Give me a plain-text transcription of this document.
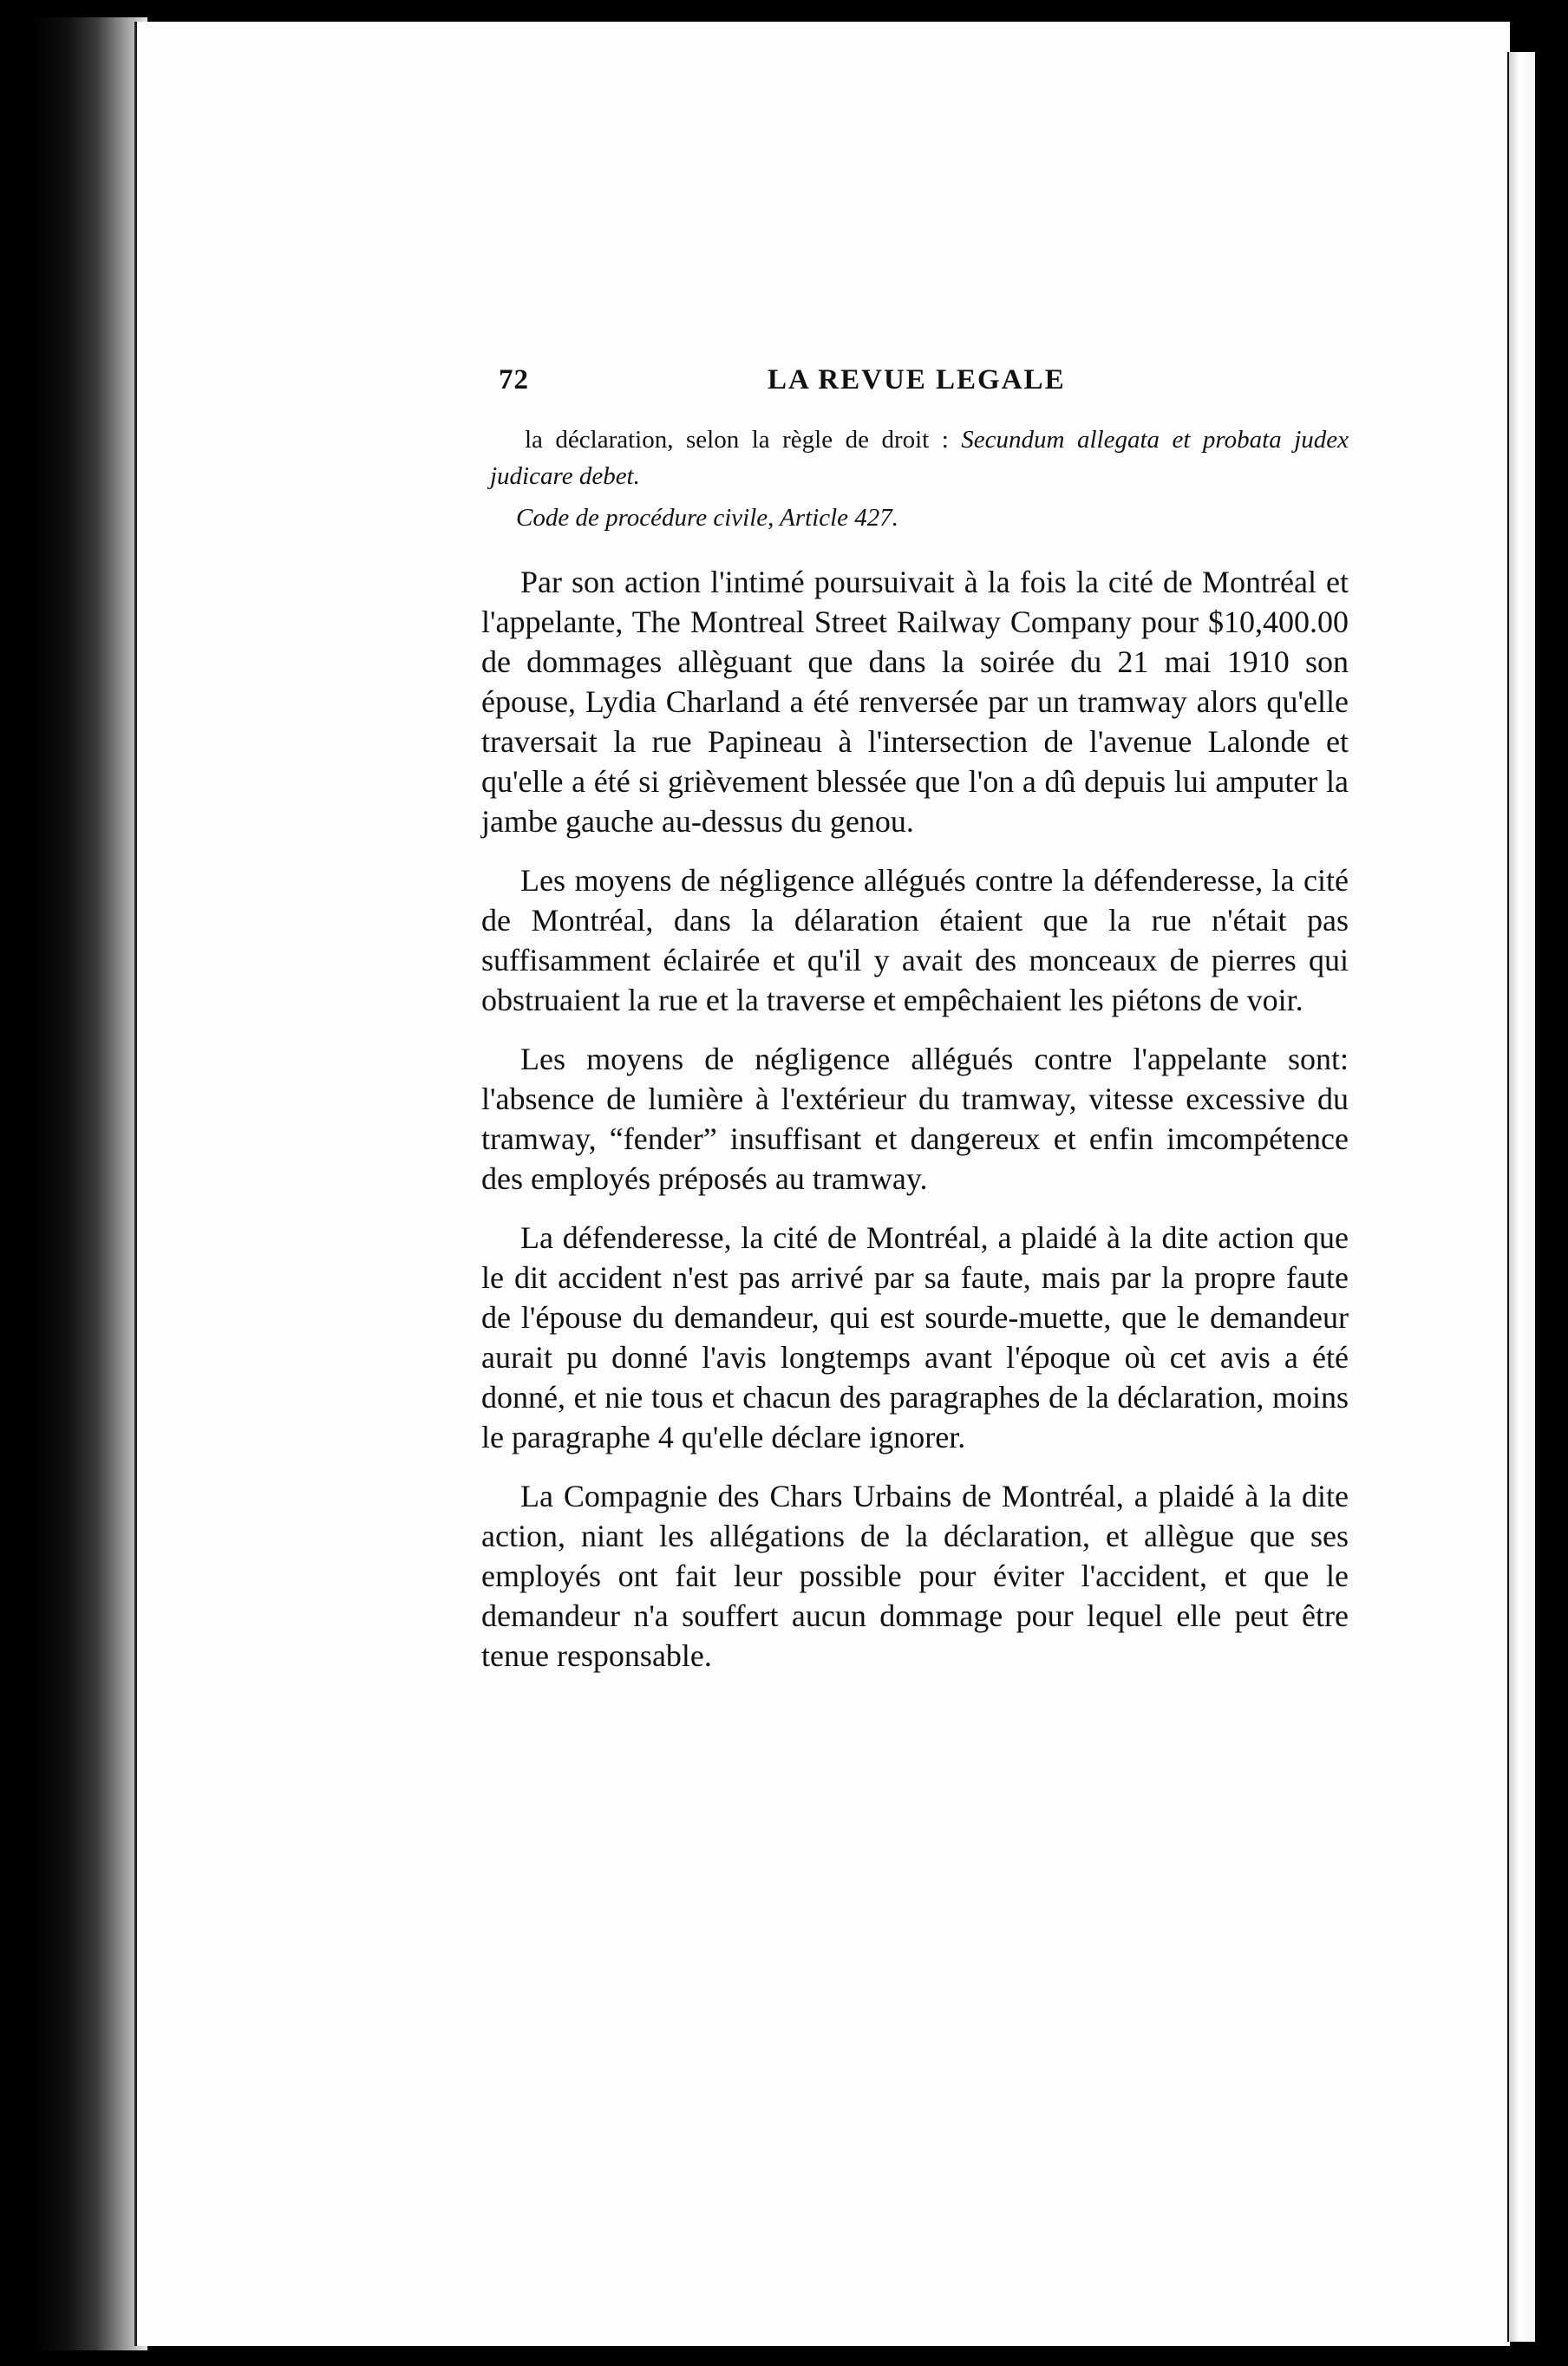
72	LA REVUE LEGALE

la déclaration, selon la règle de droit : Secundum allegata et probata judex judicare debet.

Code de procédure civile, Article 427.

Par son action l'intimé poursuivait à la fois la cité de Montréal et l'appelante, The Montreal Street Railway Company pour $10,400.00 de dommages allèguant que dans la soirée du 21 mai 1910 son épouse, Lydia Charland a été renversée par un tramway alors qu'elle traversait la rue Papineau à l'intersection de l'avenue Lalonde et qu'elle a été si grièvement blessée que l'on a dû depuis lui amputer la jambe gauche au-dessus du genou.

Les moyens de négligence allégués contre la défenderesse, la cité de Montréal, dans la délaration étaient que la rue n'était pas suffisamment éclairée et qu'il y avait des monceaux de pierres qui obstruaient la rue et la traverse et empêchaient les piétons de voir.

Les moyens de négligence allégués contre l'appelante sont: l'absence de lumière à l'extérieur du tramway, vitesse excessive du tramway, “fender” insuffisant et dangereux et enfin imcompétence des employés préposés au tramway.

La défenderesse, la cité de Montréal, a plaidé à la dite action que le dit accident n'est pas arrivé par sa faute, mais par la propre faute de l'épouse du demandeur, qui est sourde-muette, que le demandeur aurait pu donné l'avis longtemps avant l'époque où cet avis a été donné, et nie tous et chacun des paragraphes de la déclaration, moins le paragraphe 4 qu'elle déclare ignorer.

La Compagnie des Chars Urbains de Montréal, a plaidé à la dite action, niant les allégations de la déclaration, et allègue que ses employés ont fait leur possible pour éviter l'accident, et que le demandeur n'a souffert aucun dommage pour lequel elle peut être tenue responsable.
